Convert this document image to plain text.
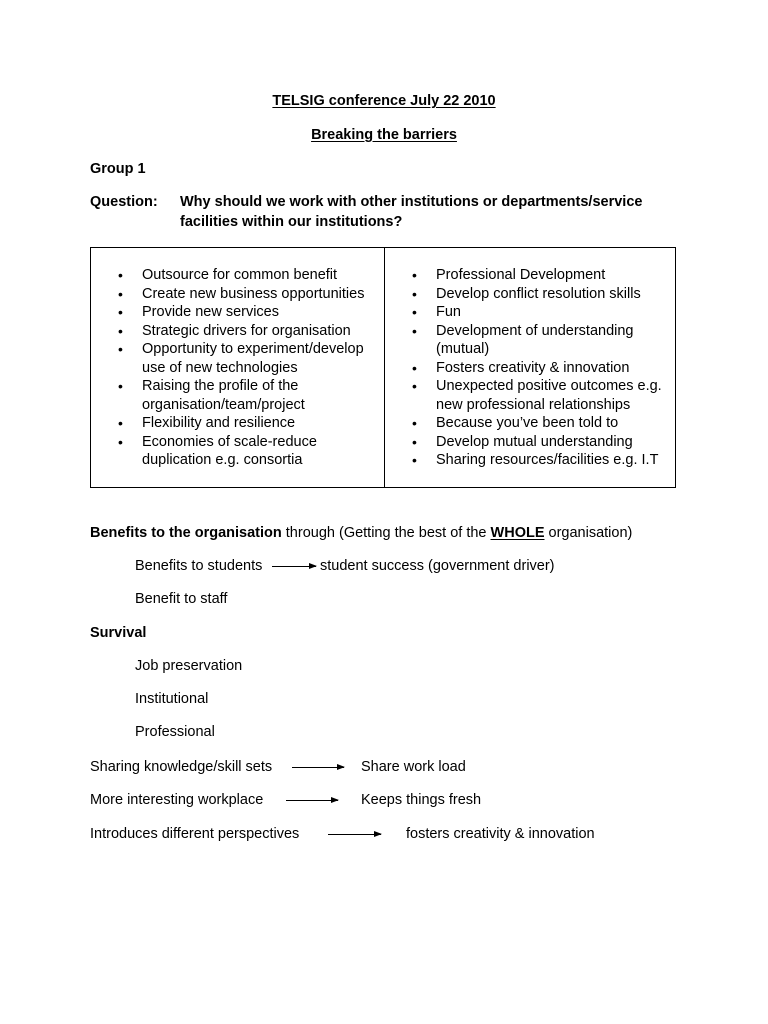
TELSIG conference July 22 2010
Breaking the barriers
Group 1
Question: Why should we work with other institutions or departments/service
facilities within our institutions?
• Outsource for common benefit
• Create new business opportunities
• Provide new services
• Strategic drivers for organisation
• Opportunity to experiment/develop use of new technologies
• Raising the profile of the organisation/team/project
• Flexibility and resilience
• Economies of scale-reduce duplication e.g. consortia
• Professional Development
• Develop conflict resolution skills
• Fun
• Development of understanding (mutual)
• Fosters creativity & innovation
• Unexpected positive outcomes e.g. new professional relationships
• Because you’ve been told to
• Develop mutual understanding
• Sharing resources/facilities e.g. I.T
Benefits to the organisation through (Getting the best of the WHOLE organisation)
Benefits to students	student success (government driver)
Benefit to staff
Survival
Job preservation
Institutional
Professional
Sharing knowledge/skill sets	Share work load
More interesting workplace	Keeps things fresh
Introduces different perspectives	fosters creativity & innovation
